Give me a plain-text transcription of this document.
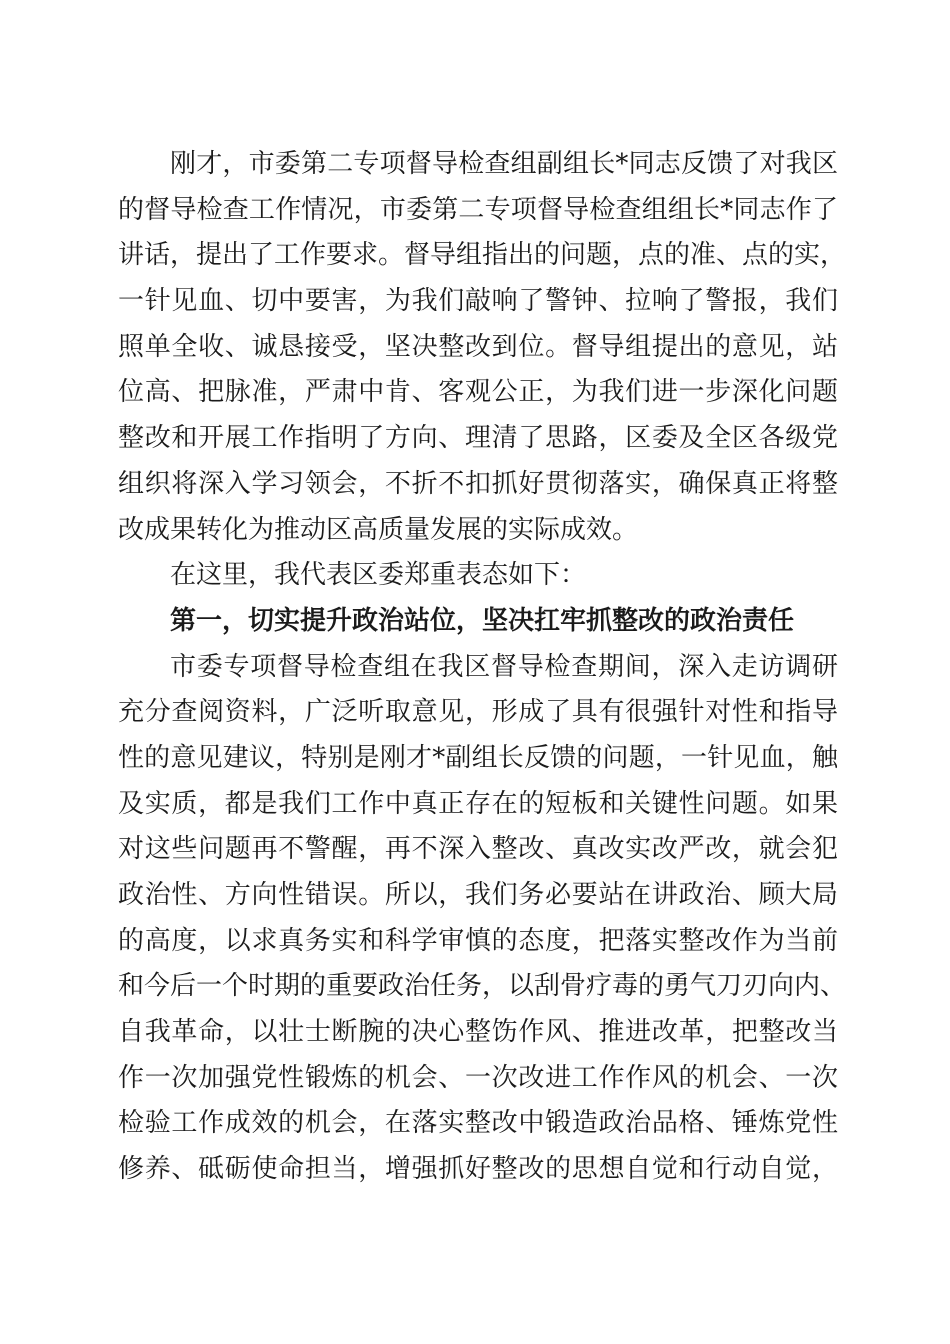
刚才，市委第二专项督导检查组副组长*同志反馈了对我区
的督导检查工作情况，市委第二专项督导检查组组长*同志作了
讲话，提出了工作要求。督导组指出的问题，点的准、点的实，
一针见血、切中要害，为我们敲响了警钟、拉响了警报，我们
照单全收、诚恳接受，坚决整改到位。督导组提出的意见，站
位高、把脉准，严肃中肯、客观公正，为我们进一步深化问题
整改和开展工作指明了方向、理清了思路，区委及全区各级党
组织将深入学习领会，不折不扣抓好贯彻落实，确保真正将整
改成果转化为推动区高质量发展的实际成效。
在这里，我代表区委郑重表态如下：
第一，切实提升政治站位，坚决扛牢抓整改的政治责任
市委专项督导检查组在我区督导检查期间，深入走访调研
充分查阅资料，广泛听取意见，形成了具有很强针对性和指导
性的意见建议，特别是刚才*副组长反馈的问题，一针见血，触
及实质，都是我们工作中真正存在的短板和关键性问题。如果
对这些问题再不警醒，再不深入整改、真改实改严改，就会犯
政治性、方向性错误。所以，我们务必要站在讲政治、顾大局
的高度，以求真务实和科学审慎的态度，把落实整改作为当前
和今后一个时期的重要政治任务，以刮骨疗毒的勇气刀刃向内、
自我革命，以壮士断腕的决心整饬作风、推进改革，把整改当
作一次加强党性锻炼的机会、一次改进工作作风的机会、一次
检验工作成效的机会，在落实整改中锻造政治品格、锤炼党性
修养、砥砺使命担当，增强抓好整改的思想自觉和行动自觉，
